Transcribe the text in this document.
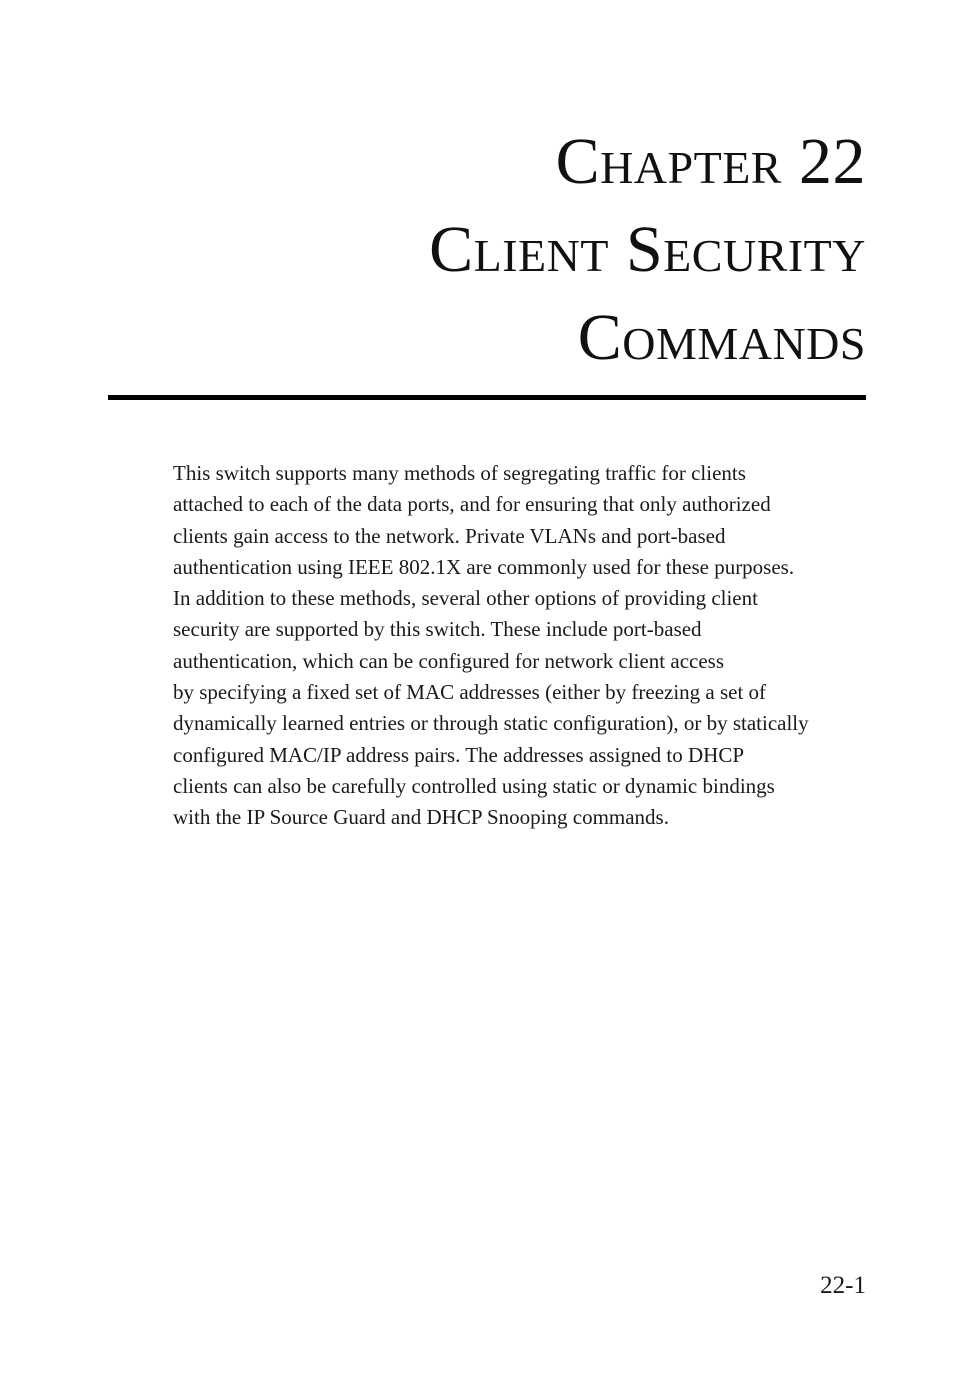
Chapter 22
Client Security
Commands

This switch supports many methods of segregating traffic for clients
attached to each of the data ports, and for ensuring that only authorized
clients gain access to the network. Private VLANs and port-based
authentication using IEEE 802.1X are commonly used for these purposes.
In addition to these methods, several other options of providing client
security are supported by this switch. These include port-based
authentication, which can be configured for network client access
by specifying a fixed set of MAC addresses (either by freezing a set of
dynamically learned entries or through static configuration), or by statically
configured MAC/IP address pairs. The addresses assigned to DHCP
clients can also be carefully controlled using static or dynamic bindings
with the IP Source Guard and DHCP Snooping commands.

22-1
